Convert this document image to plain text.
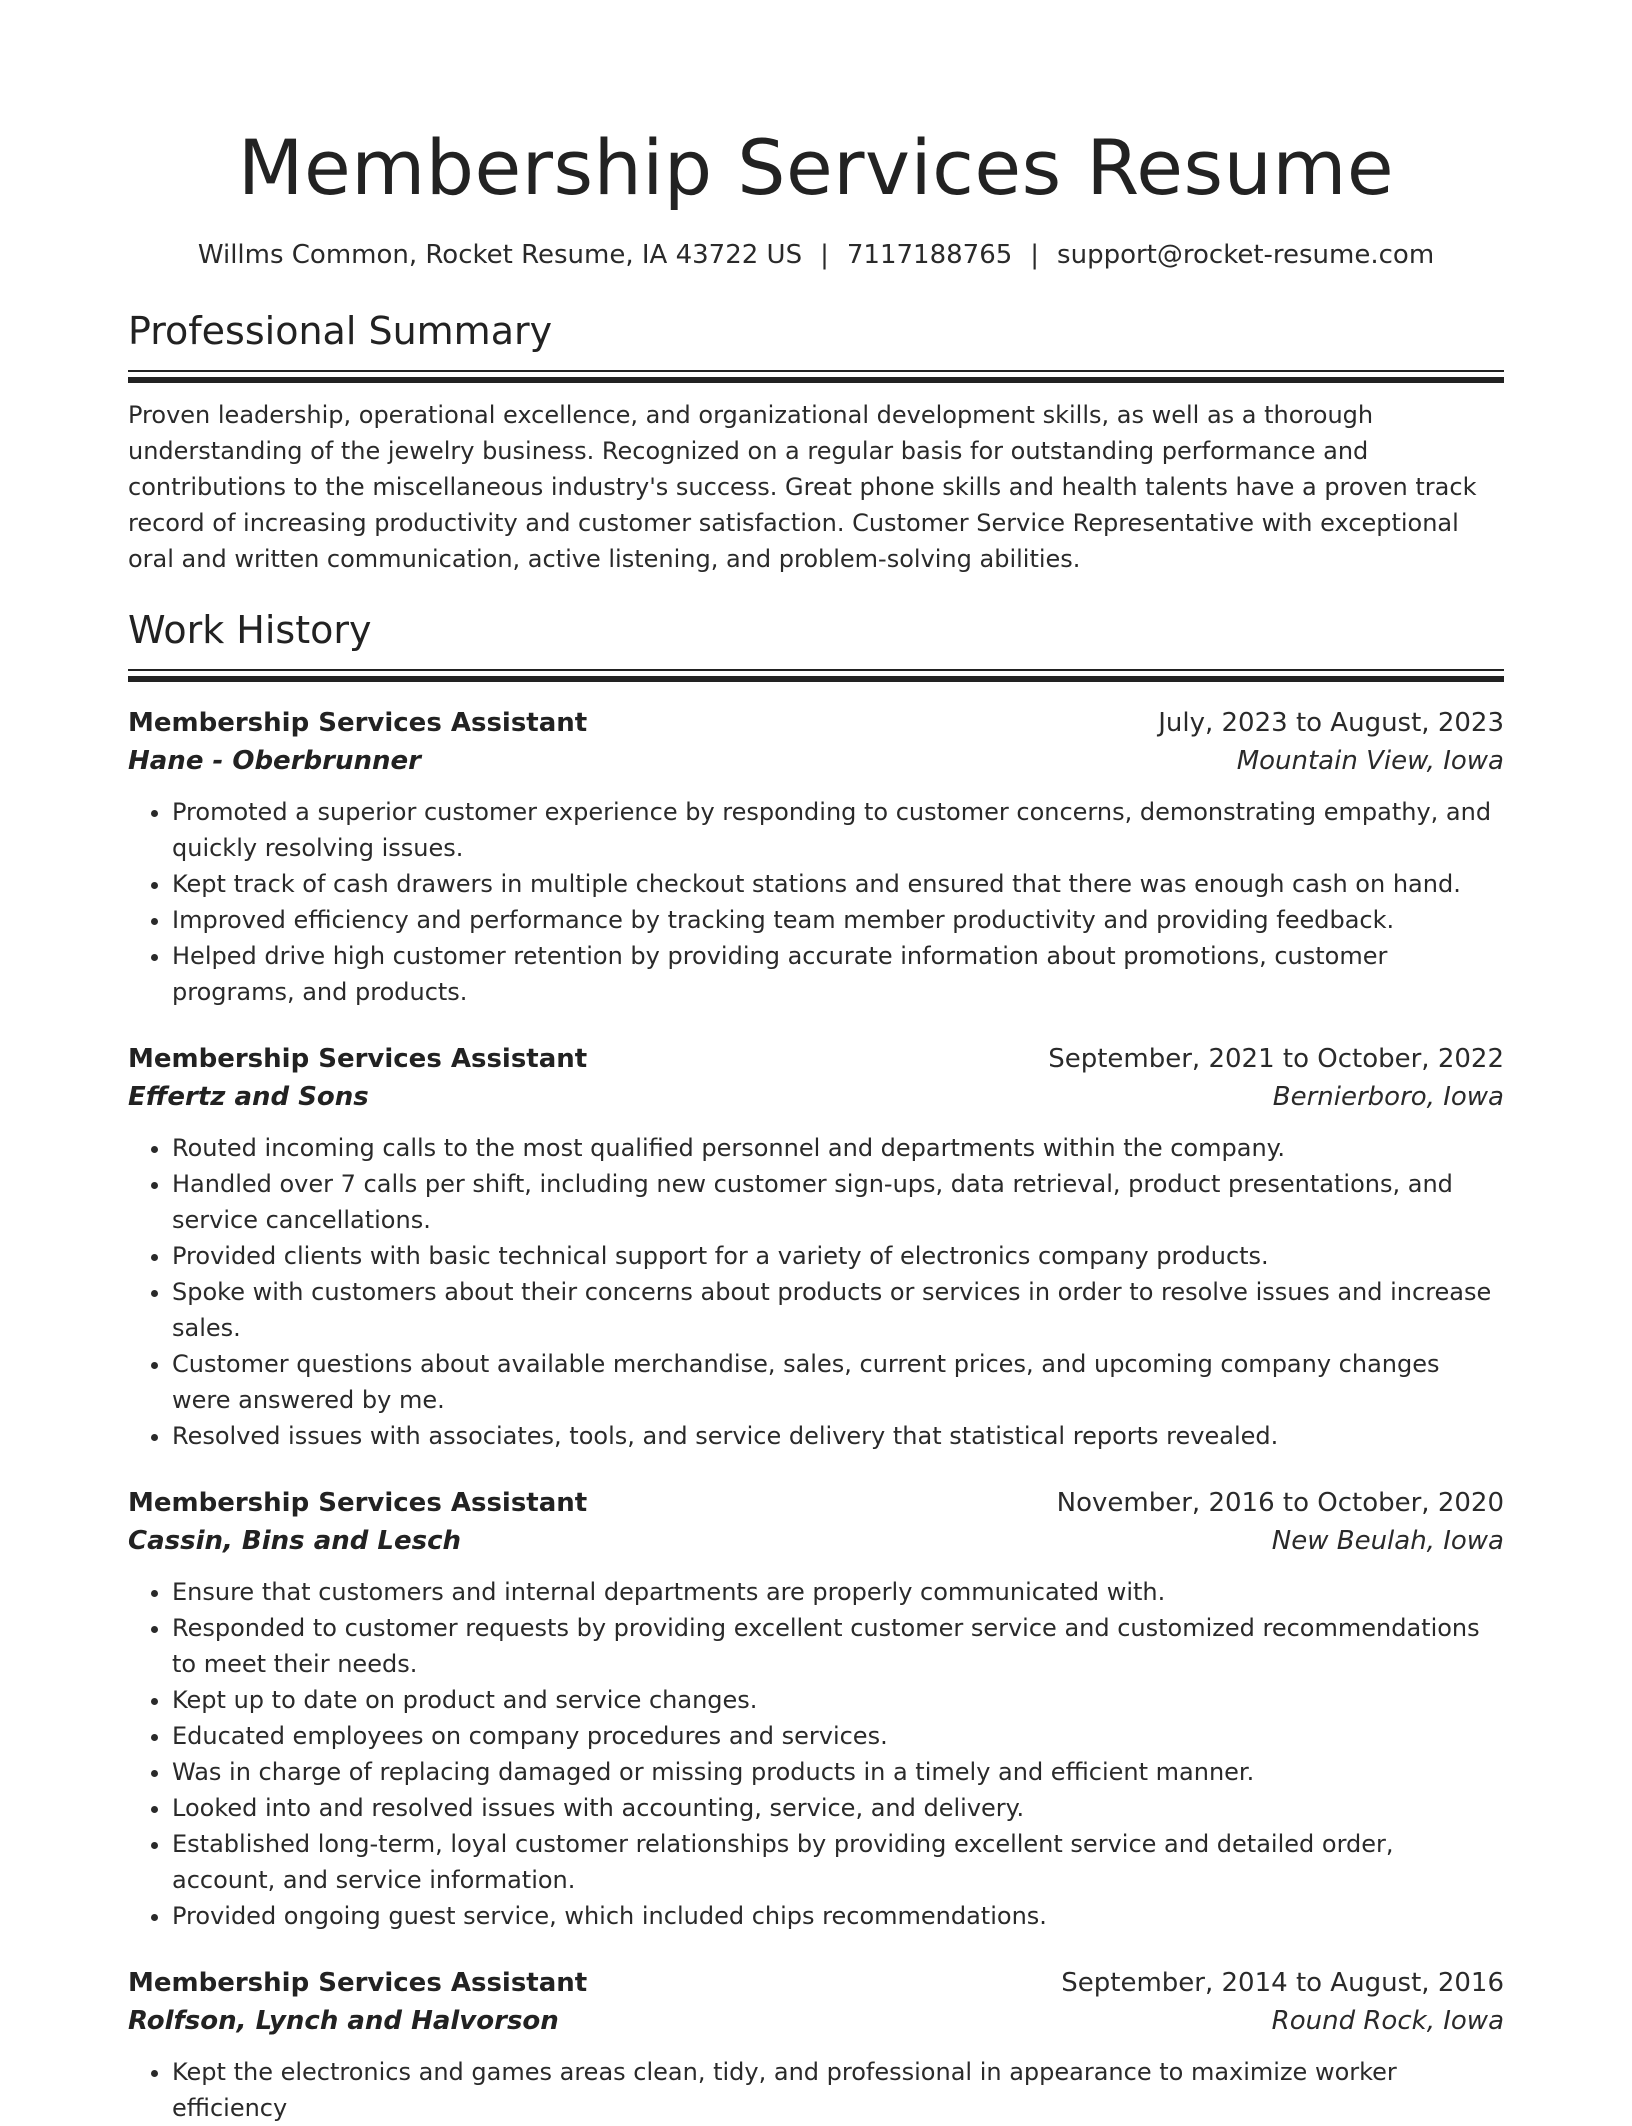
Membership Services Resume
Willms Common, Rocket Resume, IA 43722 US | 7117188765 | support@rocket-resume.com
Professional Summary

Proven leadership, operational excellence, and organizational development skills, as well as a thorough understanding of the jewelry business. Recognized on a regular basis for outstanding performance and contributions to the miscellaneous industry's success. Great phone skills and health talents have a proven track record of increasing productivity and customer satisfaction. Customer Service Representative with exceptional oral and written communication, active listening, and problem-solving abilities.

Work History
Membership Services Assistant	July, 2023 to August, 2023
Hane - Oberbrunner	Mountain View, Iowa
• Promoted a superior customer experience by responding to customer concerns, demonstrating empathy, and quickly resolving issues.
• Kept track of cash drawers in multiple checkout stations and ensured that there was enough cash on hand.
• Improved efficiency and performance by tracking team member productivity and providing feedback.
• Helped drive high customer retention by providing accurate information about promotions, customer programs, and products.
Membership Services Assistant	September, 2021 to October, 2022
Effertz and Sons	Bernierboro, Iowa
• Routed incoming calls to the most qualified personnel and departments within the company.
• Handled over 7 calls per shift, including new customer sign-ups, data retrieval, product presentations, and service cancellations.
• Provided clients with basic technical support for a variety of electronics company products.
• Spoke with customers about their concerns about products or services in order to resolve issues and increase sales.
• Customer questions about available merchandise, sales, current prices, and upcoming company changes were answered by me.
• Resolved issues with associates, tools, and service delivery that statistical reports revealed.
Membership Services Assistant	November, 2016 to October, 2020
Cassin, Bins and Lesch	New Beulah, Iowa
• Ensure that customers and internal departments are properly communicated with.
• Responded to customer requests by providing excellent customer service and customized recommendations to meet their needs.
• Kept up to date on product and service changes.
• Educated employees on company procedures and services.
• Was in charge of replacing damaged or missing products in a timely and efficient manner.
• Looked into and resolved issues with accounting, service, and delivery.
• Established long-term, loyal customer relationships by providing excellent service and detailed order, account, and service information.
• Provided ongoing guest service, which included chips recommendations.
Membership Services Assistant	September, 2014 to August, 2016
Rolfson, Lynch and Halvorson	Round Rock, Iowa
• Kept the electronics and games areas clean, tidy, and professional in appearance to maximize worker efficiency
